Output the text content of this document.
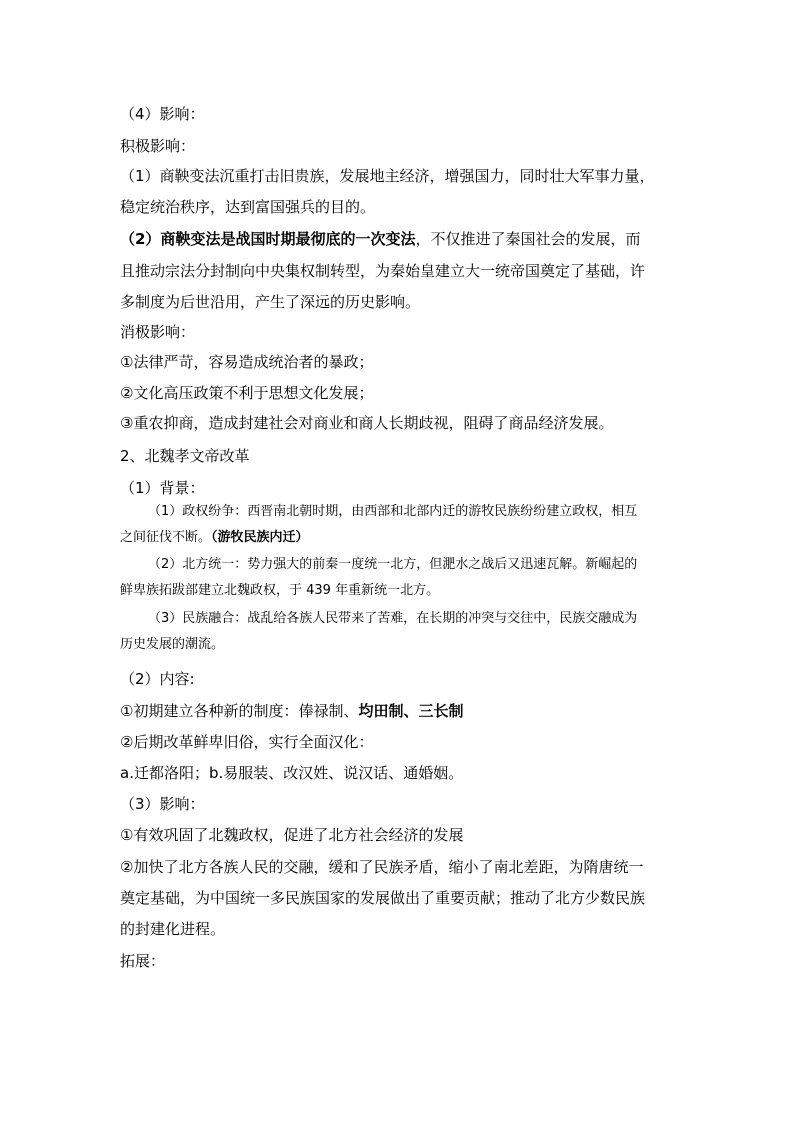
（4）影响：
积极影响：
（1）商鞅变法沉重打击旧贵族，发展地主经济，增强国力，同时壮大军事力量，
稳定统治秩序，达到富国强兵的目的。
（2）商鞅变法是战国时期最彻底的一次变法，不仅推进了秦国社会的发展，而
且推动宗法分封制向中央集权制转型，为秦始皇建立大一统帝国奠定了基础，许
多制度为后世沿用，产生了深远的历史影响。
消极影响：
①法律严苛，容易造成统治者的暴政；
②文化高压政策不利于思想文化发展；
③重农抑商，造成封建社会对商业和商人长期歧视，阻碍了商品经济发展。
2、北魏孝文帝改革
（1）背景：
（1）政权纷争：西晋南北朝时期，由西部和北部内迁的游牧民族纷纷建立政权，相互
之间征伐不断。（游牧民族内迁）
（2）北方统一：势力强大的前秦一度统一北方，但淝水之战后又迅速瓦解。新崛起的
鲜卑族拓跋部建立北魏政权，于 439 年重新统一北方。
（3）民族融合：战乱给各族人民带来了苦难，在长期的冲突与交往中，民族交融成为
历史发展的潮流。
（2）内容:
①初期建立各种新的制度：俸禄制、均田制、三长制
②后期改革鲜卑旧俗，实行全面汉化：
a.迁都洛阳；b.易服装、改汉姓、说汉话、通婚姻。
（3）影响：
①有效巩固了北魏政权，促进了北方社会经济的发展
②加快了北方各族人民的交融，缓和了民族矛盾，缩小了南北差距，为隋唐统一
奠定基础，为中国统一多民族国家的发展做出了重要贡献；推动了北方少数民族
的封建化进程。
拓展：
